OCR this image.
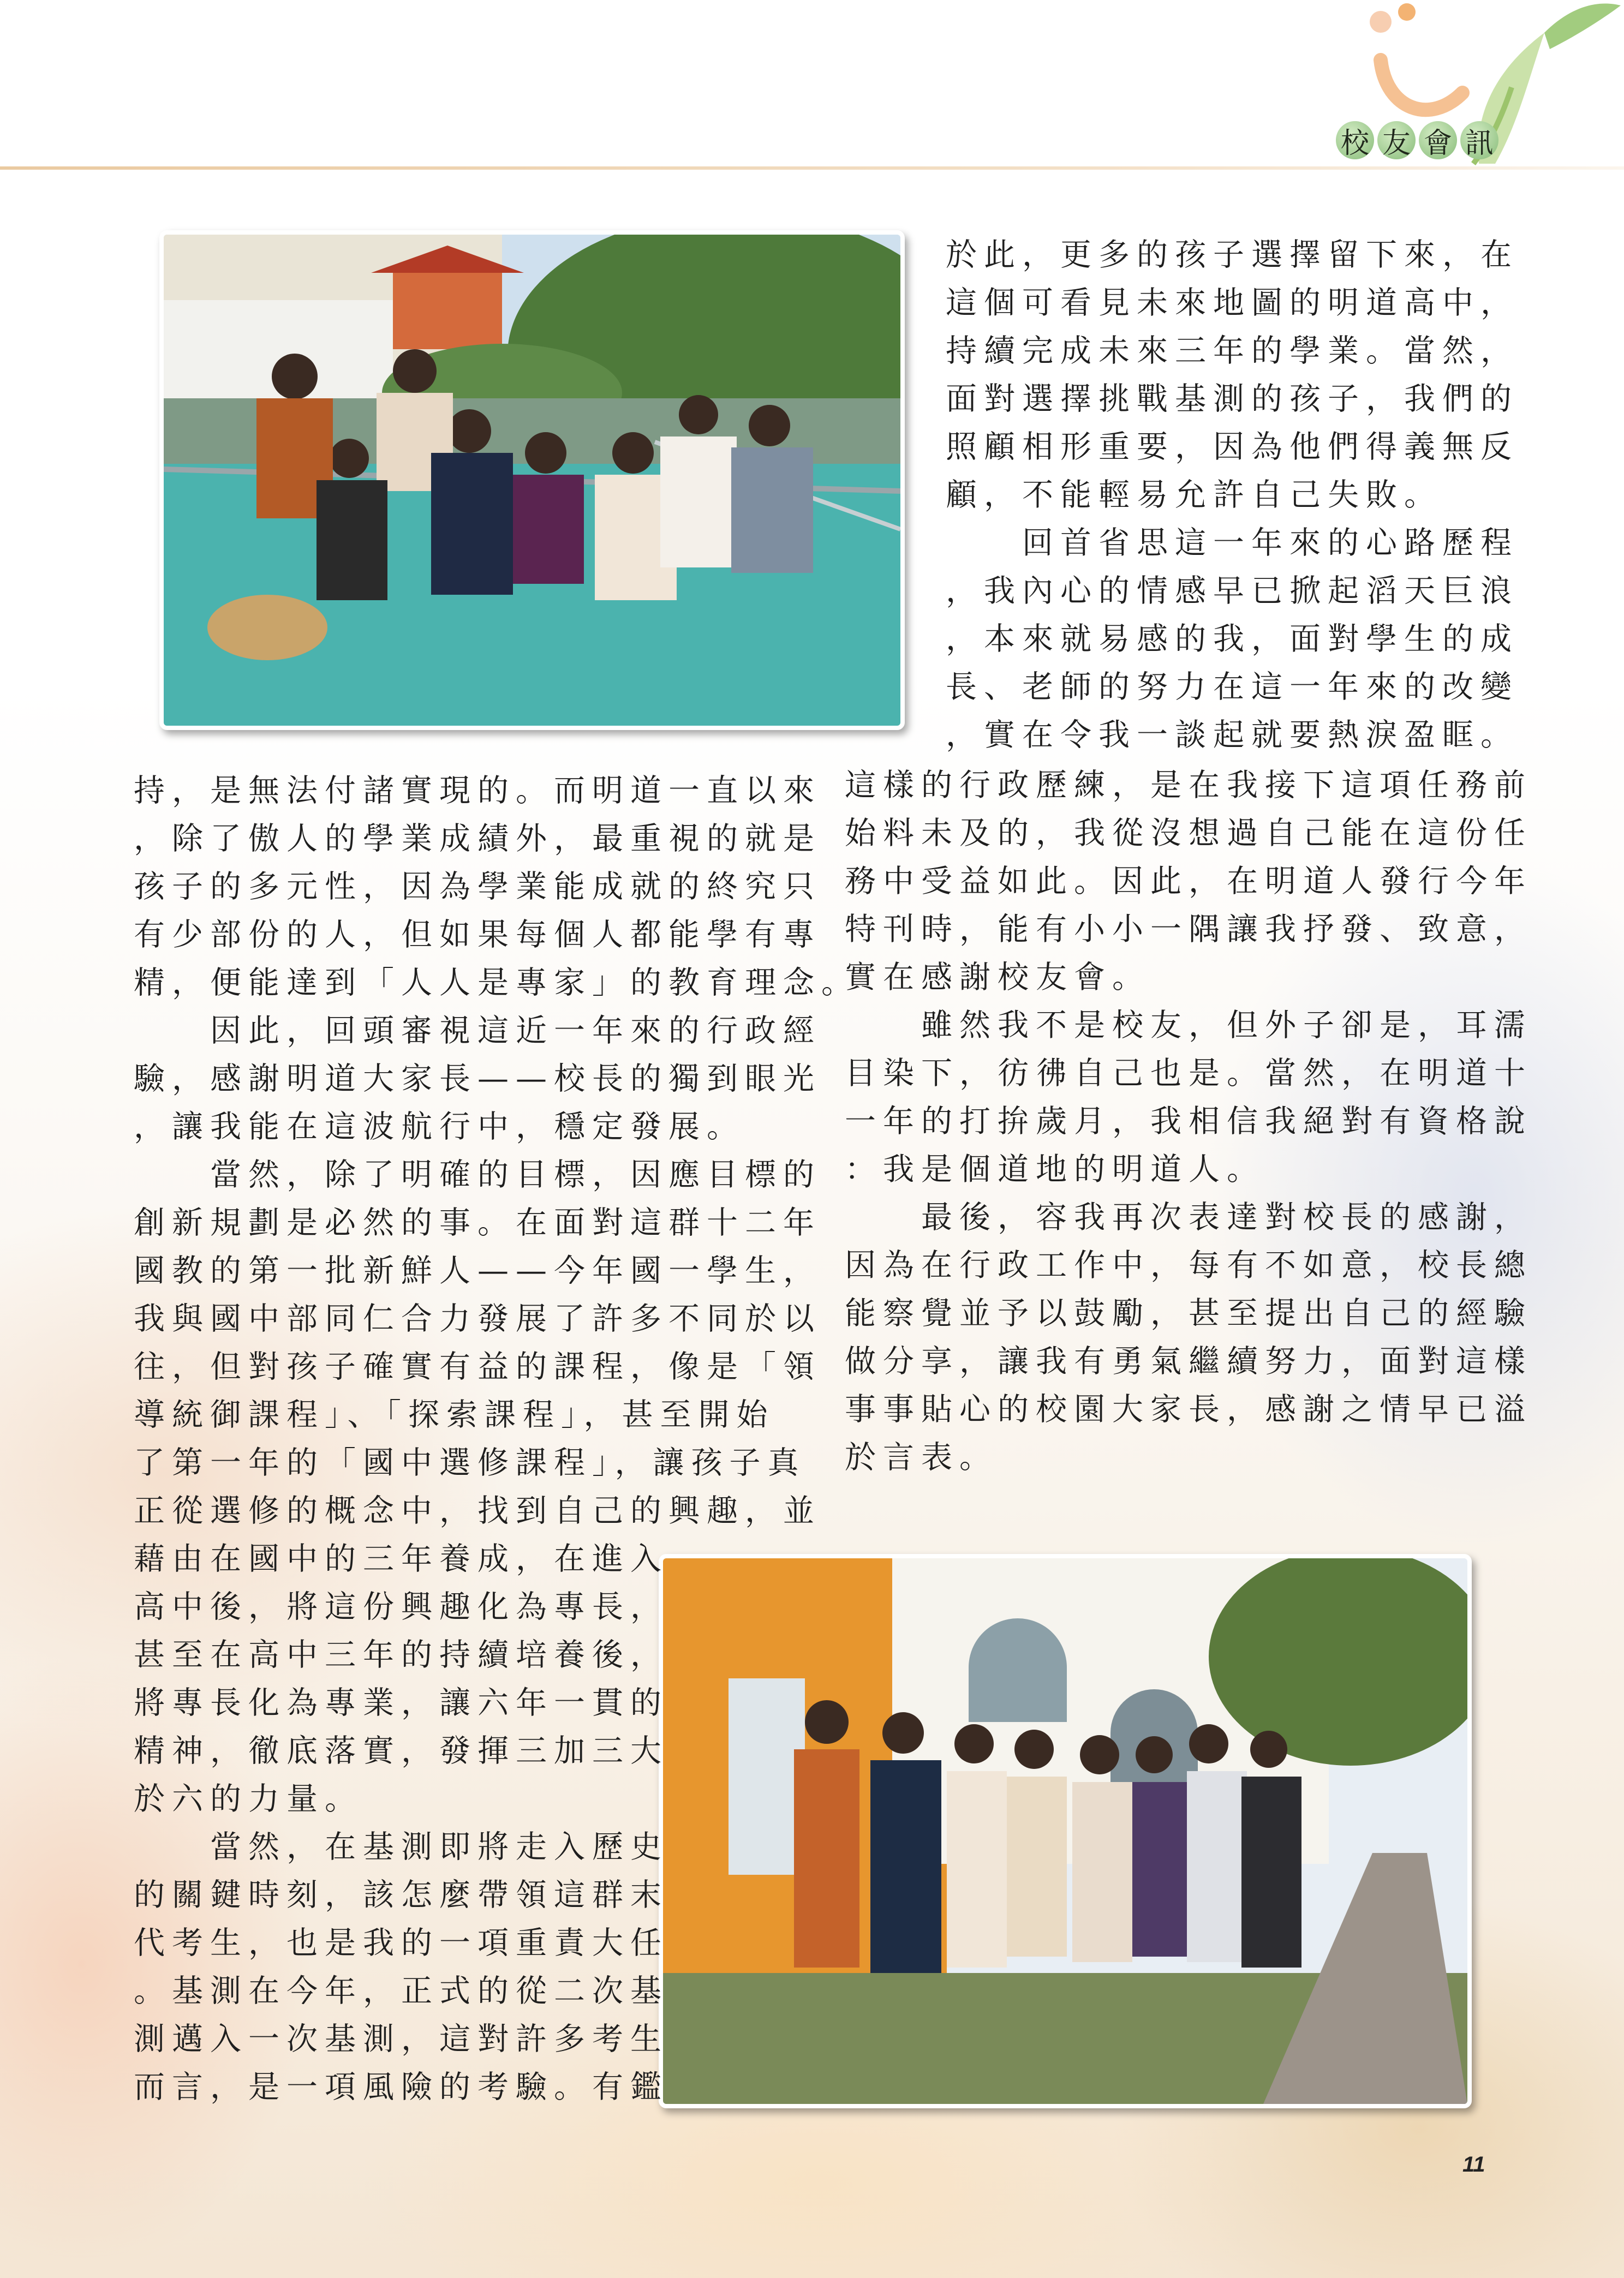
校 友 會 訊

於此，更多的孩子選擇留下來，在

這個可看見未來地圖的明道高中，

持續完成未來三年的學業。當然，

面對選擇挑戰基測的孩子，我們的

照顧相形重要，因為他們得義無反

顧，不能輕易允許自己失敗。

　　回首省思這一年來的心路歷程

，我內心的情感早已掀起滔天巨浪

，本來就易感的我，面對學生的成

長、老師的努力在這一年來的改變

，實在令我一談起就要熱淚盈眶。

持，是無法付諸實現的。而明道一直以來

，除了傲人的學業成績外，最重視的就是

孩子的多元性，因為學業能成就的終究只

有少部份的人，但如果每個人都能學有專

精，便能達到「人人是專家」的教育理念。

　　因此，回頭審視這近一年來的行政經

驗，感謝明道大家長——校長的獨到眼光

，讓我能在這波航行中，穩定發展。

　　當然，除了明確的目標，因應目標的

創新規劃是必然的事。在面對這群十二年

國教的第一批新鮮人——今年國一學生，

我與國中部同仁合力發展了許多不同於以

往，但對孩子確實有益的課程，像是「領

導統御課程」、「探索課程」，甚至開始

了第一年的「國中選修課程」，讓孩子真

正從選修的概念中，找到自己的興趣，並

藉由在國中的三年養成，在進入

高中後，將這份興趣化為專長，

甚至在高中三年的持續培養後，

將專長化為專業，讓六年一貫的

精神，徹底落實，發揮三加三大

於六的力量。

　　當然，在基測即將走入歷史

的關鍵時刻，該怎麼帶領這群末

代考生，也是我的一項重責大任

。基測在今年，正式的從二次基

測邁入一次基測，這對許多考生

而言，是一項風險的考驗。有鑑

這樣的行政歷練，是在我接下這項任務前

始料未及的，我從沒想過自己能在這份任

務中受益如此。因此，在明道人發行今年

特刊時，能有小小一隅讓我抒發、致意，

實在感謝校友會。

　　雖然我不是校友，但外子卻是，耳濡

目染下，彷彿自己也是。當然，在明道十

一年的打拚歲月，我相信我絕對有資格說

：我是個道地的明道人。

　　最後，容我再次表達對校長的感謝，

因為在行政工作中，每有不如意，校長總

能察覺並予以鼓勵，甚至提出自己的經驗

做分享，讓我有勇氣繼續努力，面對這樣

事事貼心的校園大家長，感謝之情早已溢

於言表。

11
